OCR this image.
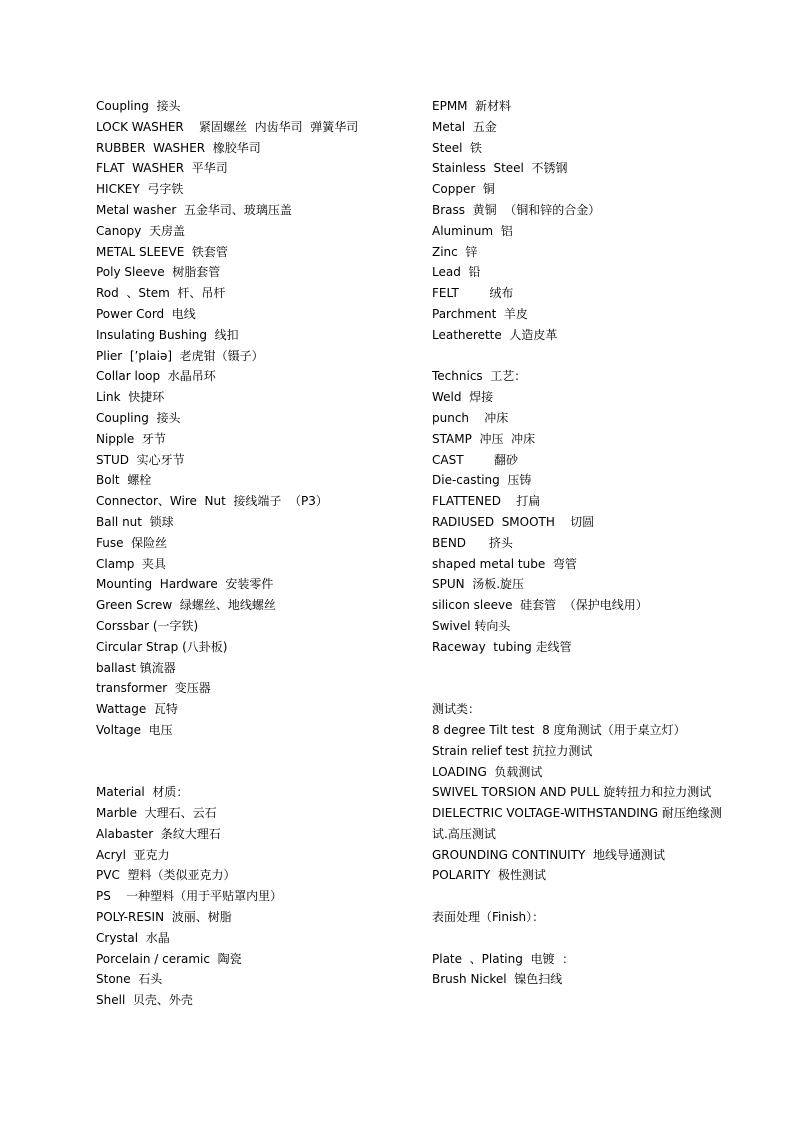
Coupling  接头
LOCK WASHER    紧固螺丝  内齿华司  弹簧华司
RUBBER  WASHER  橡胶华司
FLAT  WASHER  平华司
HICKEY  弓字铁
Metal washer  五金华司、玻璃压盖
Canopy  天房盖
METAL SLEEVE  铁套管
Poly Sleeve  树脂套管
Rod  、Stem  杆、吊杆
Power Cord  电线
Insulating Bushing  线扣
Plier  [’plaiə]  老虎钳（镊子）
Collar loop  水晶吊环
Link  快捷环
Coupling  接头
Nipple  牙节
STUD  实心牙节
Bolt  螺栓
Connector、Wire  Nut  接线端子  （P3）
Ball nut  锁球
Fuse  保险丝
Clamp  夹具
Mounting  Hardware  安装零件
Green Screw  绿螺丝、地线螺丝
Corssbar (一字铁)
Circular Strap (八卦板)
ballast 镇流器
transformer  变压器
Wattage  瓦特
Voltage  电压
Material  材质：
Marble  大理石、云石
Alabaster  条纹大理石
Acryl  亚克力
PVC  塑料（类似亚克力）
PS    一种塑料（用于平贴罩内里）
POLY-RESIN  波丽、树脂
Crystal  水晶
Porcelain / ceramic  陶瓷
Stone  石头
Shell  贝壳、外壳
EPMM  新材料
Metal  五金
Steel  铁
Stainless  Steel  不锈钢
Copper  铜
Brass  黄铜  （铜和锌的合金）
Aluminum  铝
Zinc  锌
Lead  铅
FELT        绒布
Parchment  羊皮
Leatherette  人造皮革
Technics  工艺：
Weld  焊接
punch    冲床
STAMP  冲压  冲床
CAST        翻砂
Die-casting  压铸
FLATTENED    打扁
RADIUSED  SMOOTH    切圆
BEND      挤头
shaped metal tube  弯管
SPUN  汤板.旋压
silicon sleeve  硅套管  （保护电线用）
Swivel 转向头
Raceway  tubing 走线管
测试类：
8 degree Tilt test  8 度角测试（用于桌立灯）
Strain relief test 抗拉力测试
LOADING  负载测试
SWIVEL TORSION AND PULL 旋转扭力和拉力测试
DIELECTRIC VOLTAGE-WITHSTANDING 耐压绝缘测试.高压测试
GROUNDING CONTINUITY  地线导通测试
POLARITY  极性测试
表面处理（Finish）：
Plate  、Plating  电镀  ：
Brush Nickel  镍色扫线
